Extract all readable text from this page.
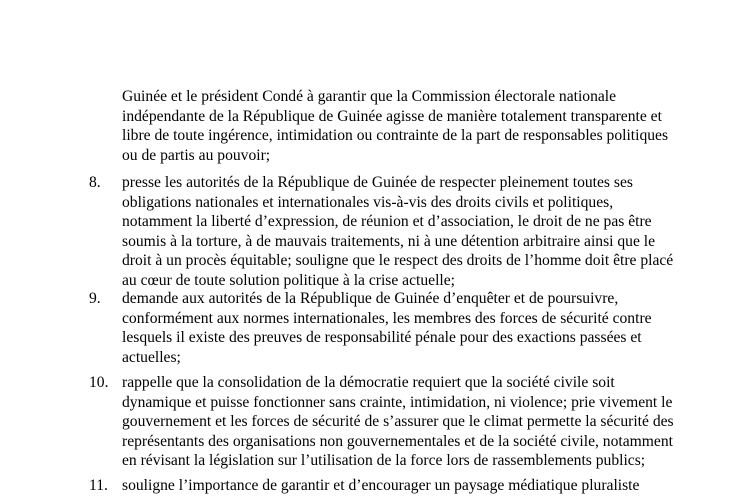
Guinée et le président Condé à garantir que la Commission électorale nationale
indépendante de la République de Guinée agisse de manière totalement transparente et
libre de toute ingérence, intimidation ou contrainte de la part de responsables politiques
ou de partis au pouvoir;
8. presse les autorités de la République de Guinée de respecter pleinement toutes ses
obligations nationales et internationales vis-à-vis des droits civils et politiques,
notamment la liberté d’expression, de réunion et d’association, le droit de ne pas être
soumis à la torture, à de mauvais traitements, ni à une détention arbitraire ainsi que le
droit à un procès équitable; souligne que le respect des droits de l’homme doit être placé
au cœur de toute solution politique à la crise actuelle;
9. demande aux autorités de la République de Guinée d’enquêter et de poursuivre,
conformément aux normes internationales, les membres des forces de sécurité contre
lesquels il existe des preuves de responsabilité pénale pour des exactions passées et
actuelles;
10. rappelle que la consolidation de la démocratie requiert que la société civile soit
dynamique et puisse fonctionner sans crainte, intimidation, ni violence; prie vivement le
gouvernement et les forces de sécurité de s’assurer que le climat permette la sécurité des
représentants des organisations non gouvernementales et de la société civile, notamment
en révisant la législation sur l’utilisation de la force lors de rassemblements publics;
11. souligne l’importance de garantir et d’encourager un paysage médiatique pluraliste
